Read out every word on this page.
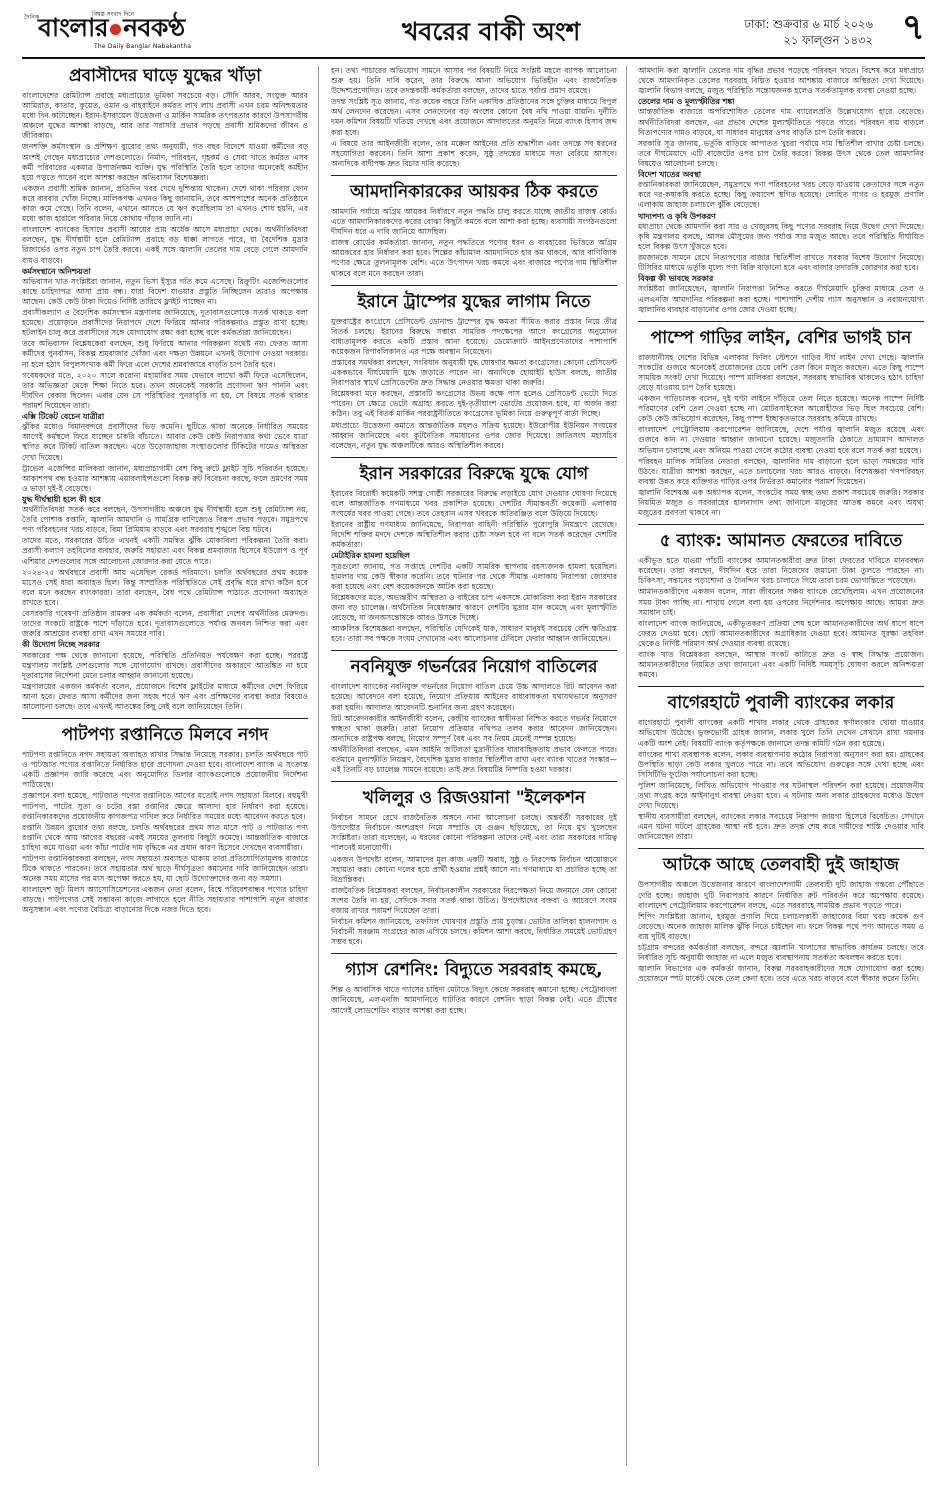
বিশ্বস্ত সংবাদ দিনে
দৈনিক
বাংলার নবকণ্ঠ
The Daily Banglar Nabakantha
খবরের বাকী অংশ	ঢাকা: শুক্রবার ৬ মার্চ ২০২৬
২১ ফাল্গুন ১৪৩২ ৭
প্রবাসীদের ঘাড়ে যুদ্ধের খাঁড়া

বাংলাদেশের রেমিট্যান্স প্রবাহে মধ্যপ্রাচ্যের ভূমিকা সবচেয়ে বড়। সৌদি আরব, সংযুক্ত আরব আমিরাত, কাতার, কুয়েত, ওমান ও বাহরাইনে কর্মরত লাখ লাখ প্রবাসী এখন চরম অনিশ্চয়তার মধ্যে দিন কাটাচ্ছেন। ইরান-ইসরায়েল উত্তেজনা ও মার্কিন সামরিক তৎপরতার কারণে উপসাগরীয় অঞ্চলে যুদ্ধের আশঙ্কা বাড়ছে, আর তার সরাসরি প্রভাব পড়ছে প্রবাসী শ্রমিকদের জীবন ও জীবিকায়।

জনশক্তি কর্মসংস্থান ও প্রশিক্ষণ ব্যুরোর তথ্য অনুযায়ী, গত বছর বিদেশে যাওয়া কর্মীদের বড় অংশই গেছেন মধ্যপ্রাচ্যের দেশগুলোতে। নির্মাণ, পরিবহন, গৃহকর্ম ও সেবা খাতে কর্মরত এসব কর্মী পরিবারের একমাত্র উপার্জনক্ষম ব্যক্তি। যুদ্ধ পরিস্থিতি তৈরি হলে তাদের অনেকেই কর্মহীন হয়ে পড়তে পারেন বলে আশঙ্কা করছেন অভিবাসন বিশেষজ্ঞরা।

একজন প্রবাসী শ্রমিক জানান, প্রতিদিন খবর দেখে দুশ্চিন্তায় থাকেন। দেশে থাকা পরিবার ফোন করে বারবার খোঁজ নিচ্ছে। মালিকপক্ষ এখনও কিছু জানায়নি, তবে আশপাশের অনেক প্রতিষ্ঠানে কাজ কমে গেছে। তিনি বলেন, এখানে আসতে যে ঋণ করেছিলাম তা এখনও শোধ হয়নি, এর মধ্যে কাজ হারালে পরিবার নিয়ে কোথায় দাঁড়াব জানি না।

বাংলাদেশ ব্যাংকের হিসাবে প্রবাসী আয়ের প্রায় অর্ধেক আসে মধ্যপ্রাচ্য থেকে। অর্থনীতিবিদরা বলছেন, যুদ্ধ দীর্ঘস্থায়ী হলে রেমিট্যান্স প্রবাহে বড় ধাক্কা লাগতে পারে, যা বৈদেশিক মুদ্রার রিজার্ভের ওপর নতুন চাপ তৈরি করবে। একই সঙ্গে জ্বালানি তেলের দাম বেড়ে গেলে আমদানি ব্যয়ও বাড়বে।

কর্মসংস্থানে অনিশ্চয়তা

অভিবাসন খাত সংশ্লিষ্টরা জানান, নতুন ভিসা ইস্যুর গতি কমে এসেছে। রিক্রুটিং এজেন্সিগুলোর কাছে চাহিদাপত্র আসা প্রায় বন্ধ। যারা বিদেশ যাওয়ার প্রস্তুতি নিচ্ছিলেন তারাও অপেক্ষায় আছেন। কেউ কেউ টাকা দিয়েও নির্দিষ্ট তারিখে ফ্লাইট পাচ্ছেন না।

প্রবাসীকল্যাণ ও বৈদেশিক কর্মসংস্থান মন্ত্রণালয় জানিয়েছে, দূতাবাসগুলোকে সতর্ক থাকতে বলা হয়েছে। প্রয়োজনে প্রবাসীদের নিরাপদে দেশে ফিরিয়ে আনার পরিকল্পনাও প্রস্তুত রাখা হচ্ছে। হটলাইন চালু করে প্রবাসীদের সঙ্গে যোগাযোগ রক্ষা করা হচ্ছে বলে কর্মকর্তারা জানিয়েছেন।

তবে অভিবাসন বিশ্লেষকেরা বলছেন, শুধু ফিরিয়ে আনার পরিকল্পনা যথেষ্ট নয়। ফেরত আসা কর্মীদের পুনর্বাসন, বিকল্প শ্রমবাজার খোঁজা এবং দক্ষতা উন্নয়নে এখনই উদ্যোগ নেওয়া দরকার। না হলে হঠাৎ বিপুলসংখ্যক কর্মী ফিরে এলে দেশের শ্রমবাজারে বাড়তি চাপ তৈরি হবে।

গবেষকদের মতে, ২০২০ সালে করোনা মহামারির সময় যেভাবে লাখো কর্মী ফিরে এসেছিলেন, তার অভিজ্ঞতা থেকে শিক্ষা নিতে হবে। তখন অনেকেই সরকারি প্রণোদনা ঋণ পাননি এবং দীর্ঘদিন বেকার ছিলেন। এবার যেন সে পরিস্থিতির পুনরাবৃত্তি না হয়, সে বিষয়ে সতর্ক থাকার পরামর্শ দিয়েছেন তারা।

এক্সি টিকেট বেচেন যাত্রীরা

ঝুঁকির মধ্যেও বিমানবন্দরে প্রবাসীদের ভিড় কমেনি। ছুটিতে থাকা অনেকে নির্ধারিত সময়ের আগেই কর্মস্থলে ফিরে যাচ্ছেন চাকরি বাঁচাতে। আবার কেউ কেউ নিরাপত্তার কথা ভেবে যাত্রা স্থগিত করে টিকিট বাতিল করছেন। এতে উড়োজাহাজ সংস্থাগুলোর টিকিটের দামেও অস্থিরতা দেখা দিয়েছে।

ট্রাভেল এজেন্সির মালিকরা জানান, মধ্যপ্রাচ্যগামী বেশ কিছু রুটে ফ্লাইট সূচি পরিবর্তন হয়েছে। আকাশপথ বন্ধ হওয়ার আশঙ্কায় এয়ারলাইন্সগুলো বিকল্প রুট বিবেচনা করছে, ফলে ভ্রমণের সময় ও ভাড়া দুই-ই বেড়েছে।

যুদ্ধ দীর্ঘস্থায়ী হলে কী হবে

অর্থনীতিবিদরা সতর্ক করে বলছেন, উপসাগরীয় অঞ্চলে যুদ্ধ দীর্ঘস্থায়ী হলে শুধু রেমিট্যান্স নয়, তৈরি পোশাক রপ্তানি, জ্বালানি আমদানি ও সামগ্রিক বাণিজ্যেও বিরূপ প্রভাব পড়বে। সমুদ্রপথে পণ্য পরিবহনের খরচ বাড়বে, বিমা প্রিমিয়াম বাড়বে এবং সরবরাহ শৃঙ্খলে বিঘ্ন ঘটবে।

তাদের মতে, সরকারের উচিত এখনই একটি সমন্বিত ঝুঁকি মোকাবিলা পরিকল্পনা তৈরি করা। প্রবাসী কল্যাণ তহবিলের ব্যবহার, জরুরি সহায়তা এবং বিকল্প শ্রমবাজার হিসেবে ইউরোপ ও পূর্ব এশিয়ার দেশগুলোর সঙ্গে আলোচনা জোরদার করা যেতে পারে।

২০২৪-২৫ অর্থবছরে প্রবাসী আয় এসেছিল রেকর্ড পরিমাণে। চলতি অর্থবছরের প্রথম কয়েক মাসেও সেই ধারা অব্যাহত ছিল। কিন্তু সাম্প্রতিক পরিস্থিতিতে সেই প্রবৃদ্ধি ধরে রাখা কঠিন হবে বলে মনে করছেন ব্যাংকাররা। তারা বলছেন, বৈধ পথে রেমিট্যান্স পাঠাতে প্রণোদনা অব্যাহত রাখতে হবে।

বেসরকারি গবেষণা প্রতিষ্ঠান রামরুর এক কর্মকর্তা বলেন, প্রবাসীরা দেশের অর্থনীতির মেরুদণ্ড। তাদের সংকটে রাষ্ট্রকে পাশে দাঁড়াতে হবে। দূতাবাসগুলোতে পর্যাপ্ত জনবল নিশ্চিত করা এবং জরুরি আশ্রয়ের ব্যবস্থা রাখা এখন সময়ের দাবি।

কী উদ্যোগ নিচ্ছে সরকার

সরকারের পক্ষ থেকে জানানো হয়েছে, পরিস্থিতি প্রতিনিয়ত পর্যবেক্ষণ করা হচ্ছে। পররাষ্ট্র মন্ত্রণালয় সংশ্লিষ্ট দেশগুলোর সঙ্গে যোগাযোগ রাখছে। প্রবাসীদের অকারণে আতঙ্কিত না হয়ে দূতাবাসের নির্দেশনা মেনে চলার আহ্বান জানানো হয়েছে।

মন্ত্রণালয়ের একজন কর্মকর্তা বলেন, প্রয়োজনে বিশেষ ফ্লাইটের মাধ্যমে কর্মীদের দেশে ফিরিয়ে আনা হবে। ফেরত আসা কর্মীদের জন্য সহজ শর্তে ঋণ এবং প্রশিক্ষণের ব্যবস্থা করার বিষয়েও আলোচনা চলছে। তবে এখনই আতঙ্কের কিছু নেই বলে জানিয়েছেন তিনি।

পাটপণ্য রপ্তানিতে মিলবে নগদ

পাটপণ্য রপ্তানিতে নগদ সহায়তা অব্যাহত রাখার সিদ্ধান্ত নিয়েছে সরকার। চলতি অর্থবছরে পাট ও পাটজাত পণ্যের রপ্তানিতে নির্ধারিত হারে প্রণোদনা দেওয়া হবে। বাংলাদেশ ব্যাংক এ সংক্রান্ত একটি প্রজ্ঞাপন জারি করেছে এবং অনুমোদিত ডিলার ব্যাংকগুলোকে প্রয়োজনীয় নির্দেশনা পাঠিয়েছে।

প্রজ্ঞাপনে বলা হয়েছে, পাটজাত পণ্যের রপ্তানিতে আগের মতোই নগদ সহায়তা মিলবে। বহুমুখী পাটপণ্য, পাটের সুতা ও চটের বস্তা রপ্তানির ক্ষেত্রে আলাদা হার নির্ধারণ করা হয়েছে। রপ্তানিকারকদের প্রয়োজনীয় কাগজপত্র দাখিল করে নির্ধারিত সময়ের মধ্যে আবেদন করতে হবে।

রপ্তানি উন্নয়ন ব্যুরোর তথ্য বলছে, চলতি অর্থবছরের প্রথম সাত মাসে পাট ও পাটজাত পণ্য রপ্তানি থেকে আয় আগের বছরের একই সময়ের তুলনায় কিছুটা কমেছে। আন্তর্জাতিক বাজারে চাহিদা কমে যাওয়া এবং কাঁচা পাটের দাম বৃদ্ধিকে এর প্রধান কারণ হিসেবে দেখছেন ব্যবসায়ীরা।

পাটপণ্য রপ্তানিকারকরা বলছেন, নগদ সহায়তা অব্যাহত থাকায় তারা প্রতিযোগিতামূলক বাজারে টিকে থাকতে পারবেন। তবে সহায়তার অর্থ ছাড়ে দীর্ঘসূত্রতা কমানোর দাবি জানিয়েছেন তারা। অনেক সময় মাসের পর মাস অপেক্ষা করতে হয়, যা ছোট উদ্যোক্তাদের জন্য বড় সমস্যা।

বাংলাদেশ জুট মিলস অ্যাসোসিয়েশনের একজন নেতা বলেন, বিশ্বে পরিবেশবান্ধব পণ্যের চাহিদা বাড়ছে। পাটপণ্যের সেই সম্ভাবনা কাজে লাগাতে হলে নীতি সহায়তার পাশাপাশি নতুন বাজার অনুসন্ধান এবং পণ্যের বৈচিত্র্য বাড়ানোর দিকে নজর দিতে হবে।

হন। তথ্য পাচারের অভিযোগ সামনে আসার পর বিষয়টি নিয়ে সংশ্লিষ্ট মহলে ব্যাপক আলোচনা শুরু হয়। তিনি দাবি করেন, তার বিরুদ্ধে আনা অভিযোগ ভিত্তিহীন এবং রাজনৈতিক উদ্দেশ্যপ্রণোদিত। তবে তদন্তকারী কর্মকর্তারা বলছেন, তাদের হাতে পর্যাপ্ত প্রমাণ রয়েছে।

তদন্ত সংশ্লিষ্ট সূত্র জানায়, গত কয়েক বছরে তিনি একাধিক প্রতিষ্ঠানের সঙ্গে চুক্তির মাধ্যমে বিপুল অর্থ লেনদেন করেছেন। এসব লেনদেনের বড় অংশের কোনো বৈধ নথি পাওয়া যায়নি। দুর্নীতি দমন কমিশন বিষয়টি খতিয়ে দেখছে এবং প্রয়োজনে আদালতের অনুমতি নিয়ে ব্যাংক হিসাব জব্দ করা হবে।

এ বিষয়ে তার আইনজীবী বলেন, তার মক্কেল আইনের প্রতি শ্রদ্ধাশীল এবং তদন্তে সব ধরনের সহযোগিতা করবেন। তিনি আশা প্রকাশ করেন, সুষ্ঠু তদন্তের মাধ্যমে সত্য বেরিয়ে আসবে। অন্যদিকে বাদীপক্ষ দ্রুত বিচার দাবি করেছে।

আমদানিকারকের আয়কর ঠিক করতে

আমদানি পর্যায়ে অগ্রিম আয়কর নির্ধারণে নতুন পদ্ধতি চালু করতে যাচ্ছে জাতীয় রাজস্ব বোর্ড। এতে আমদানিকারকদের করের বোঝা কিছুটা কমবে বলে আশা করা হচ্ছে। ব্যবসায়ী সংগঠনগুলো দীর্ঘদিন ধরে এ দাবি জানিয়ে আসছিল।

রাজস্ব বোর্ডের কর্মকর্তারা জানান, নতুন পদ্ধতিতে পণ্যের ধরন ও ব্যবহারের ভিত্তিতে অগ্রিম আয়করের হার নির্ধারণ করা হবে। শিল্পের কাঁচামাল আমদানিতে হার কম থাকবে, আর বাণিজ্যিক পণ্যের ক্ষেত্রে তুলনামূলক বেশি। এতে উৎপাদন খরচ কমবে এবং বাজারে পণ্যের দাম স্থিতিশীল থাকবে বলে মনে করছেন তারা।

ইরানে ট্রাম্পের যুদ্ধের লাগাম নিতে

যুক্তরাষ্ট্রের কংগ্রেসে প্রেসিডেন্ট ডোনাল্ড ট্রাম্পের যুদ্ধ ক্ষমতা সীমিত করার প্রস্তাব নিয়ে তীব্র বিতর্ক চলছে। ইরানের বিরুদ্ধে সম্ভাব্য সামরিক পদক্ষেপের আগে কংগ্রেসের অনুমোদন বাধ্যতামূলক করতে একটি প্রস্তাব আনা হয়েছে। ডেমোক্র্যাট আইনপ্রণেতাদের পাশাপাশি কয়েকজন রিপাবলিকানও এর পক্ষে অবস্থান নিয়েছেন।

প্রস্তাবের সমর্থকরা বলছেন, সংবিধান অনুযায়ী যুদ্ধ ঘোষণার ক্ষমতা কংগ্রেসের। কোনো প্রেসিডেন্ট এককভাবে দীর্ঘমেয়াদি যুদ্ধে জড়াতে পারেন না। অন্যদিকে হোয়াইট হাউস বলছে, জাতীয় নিরাপত্তার স্বার্থে প্রেসিডেন্টের দ্রুত সিদ্ধান্ত নেওয়ার ক্ষমতা থাকা জরুরি।

বিশ্লেষকরা মনে করছেন, প্রস্তাবটি কংগ্রেসের উভয় কক্ষে পাস হলেও প্রেসিডেন্ট ভেটো দিতে পারেন। সে ক্ষেত্রে ভেটো অগ্রাহ্য করতে দুই-তৃতীয়াংশ ভোটের প্রয়োজন হবে, যা অর্জন করা কঠিন। তবু এই বিতর্ক মার্কিন পররাষ্ট্রনীতিতে কংগ্রেসের ভূমিকা নিয়ে গুরুত্বপূর্ণ বার্তা দিচ্ছে।

মধ্যপ্রাচ্যে উত্তেজনা কমাতে আন্তর্জাতিক মহলও সক্রিয় হয়েছে। ইউরোপীয় ইউনিয়ন সংযমের আহ্বান জানিয়েছে এবং কূটনৈতিক সমাধানের ওপর জোর দিয়েছে। জাতিসংঘ মহাসচিব বলেছেন, নতুন যুদ্ধ অঞ্চলটিকে আরও অস্থিতিশীল করবে।

ইরান সরকারের বিরুদ্ধে যুদ্ধে যোগ

ইরানের বিরোধী কয়েকটি সশস্ত্র গোষ্ঠী সরকারের বিরুদ্ধে লড়াইয়ে যোগ দেওয়ার ঘোষণা দিয়েছে বলে আন্তর্জাতিক গণমাধ্যমে খবর প্রকাশিত হয়েছে। দেশটির সীমান্তবর্তী কয়েকটি এলাকায় সংঘর্ষের খবর পাওয়া গেছে। তবে তেহরান এসব খবরকে অতিরঞ্জিত বলে উড়িয়ে দিয়েছে।

ইরানের রাষ্ট্রীয় গণমাধ্যম জানিয়েছে, নিরাপত্তা বাহিনী পরিস্থিতি পুরোপুরি নিয়ন্ত্রণে রেখেছে। বিদেশি শক্তির মদদে দেশকে অস্থিতিশীল করার চেষ্টা সফল হবে না বলে সতর্ক করেছেন দেশটির কর্মকর্তারা।

মেটাইরিক হামলা হয়েছিল

সূত্রগুলো জানায়, গত সপ্তাহে দেশটির একটি সামরিক স্থাপনায় রহস্যজনক হামলা হয়েছিল। হামলার দায় কেউ স্বীকার করেনি। তবে ঘটনার পর থেকে সীমান্ত এলাকায় নিরাপত্তা জোরদার করা হয়েছে এবং বেশ কয়েকজনকে আটক করা হয়েছে।

বিশ্লেষকদের মতে, অভ্যন্তরীণ অস্থিরতা ও বাইরের চাপ একসঙ্গে মোকাবিলা করা ইরান সরকারের জন্য বড় চ্যালেঞ্জ। অর্থনৈতিক নিষেধাজ্ঞার কারণে দেশটির মুদ্রার মান কমেছে এবং মূল্যস্ফীতি বেড়েছে, যা জনঅসন্তোষকে আরও উসকে দিচ্ছে।

আঞ্চলিক বিশেষজ্ঞরা বলছেন, পরিস্থিতি যেদিকেই যাক, সাধারণ মানুষই সবচেয়ে বেশি ক্ষতিগ্রস্ত হবে। তারা সব পক্ষকে সংযম দেখানোর এবং আলোচনার টেবিলে ফেরার আহ্বান জানিয়েছেন।

নবনিযুক্ত গভর্নরের নিয়োগ বাতিলের

বাংলাদেশ ব্যাংকের নবনিযুক্ত গভর্নরের নিয়োগ বাতিল চেয়ে উচ্চ আদালতে রিট আবেদন করা হয়েছে। আবেদনে বলা হয়েছে, নিয়োগ প্রক্রিয়ায় আইনের বাধ্যবাধকতা যথাযথভাবে অনুসরণ করা হয়নি। আদালত আবেদনটি শুনানির জন্য গ্রহণ করেছেন।

রিট আবেদনকারীর আইনজীবী বলেন, কেন্দ্রীয় ব্যাংকের স্বাধীনতা নিশ্চিত করতে গভর্নর নিয়োগে স্বচ্ছতা থাকা জরুরি। তারা নিয়োগ প্রক্রিয়ার নথিপত্র তলব করার আবেদন জানিয়েছেন। অন্যদিকে রাষ্ট্রপক্ষ বলছে, নিয়োগ সম্পূর্ণ বৈধ এবং সব নিয়ম মেনেই সম্পন্ন হয়েছে।

অর্থনীতিবিদরা বলছেন, এমন আইনি জটিলতা মুদ্রানীতির ধারাবাহিকতায় প্রভাব ফেলতে পারে। বর্তমানে মূল্যস্ফীতি নিয়ন্ত্রণ, বৈদেশিক মুদ্রার বাজার স্থিতিশীল রাখা এবং ব্যাংক খাতের সংস্কার—এই তিনটি বড় চ্যালেঞ্জ সামনে রয়েছে। তাই দ্রুত বিষয়টির নিষ্পত্তি হওয়া দরকার।

খলিলুর ও রিজওয়ানা "ইলেকশন

নির্বাচন সামনে রেখে রাজনৈতিক অঙ্গনে নানা আলোচনা চলছে। অন্তর্বর্তী সরকারের দুই উপদেষ্টার নির্বাচনে অংশগ্রহণ নিয়ে সম্প্রতি যে গুঞ্জন ছড়িয়েছে, তা নিয়ে মুখ খুলেছেন সংশ্লিষ্টরা। তারা বলেছেন, এ ধরনের কোনো পরিকল্পনা তাদের নেই এবং তারা সরকারের দায়িত্ব পালনেই মনোযোগী।

একজন উপদেষ্টা বলেন, আমাদের মূল কাজ একটি অবাধ, সুষ্ঠু ও নিরপেক্ষ নির্বাচন আয়োজনে সহায়তা করা। কোনো দলের হয়ে প্রার্থী হওয়ার প্রশ্নই আসে না। গণমাধ্যমে যা প্রচারিত হচ্ছে তা বিভ্রান্তিকর।

রাজনৈতিক বিশ্লেষকরা বলছেন, নির্বাচনকালীন সরকারের নিরপেক্ষতা নিয়ে জনমনে যেন কোনো সংশয় তৈরি না হয়, সেদিকে সবার সতর্ক থাকা উচিত। উপদেষ্টাদের বক্তব্য ও আচরণে সংযম বজায় রাখার পরামর্শ দিয়েছেন তারা।

নির্বাচন কমিশন জানিয়েছে, তফসিল ঘোষণার প্রস্তুতি প্রায় চূড়ান্ত। ভোটার তালিকা হালনাগাদ ও নির্বাচনী সরঞ্জাম সংগ্রহের কাজ এগিয়ে চলছে। কমিশন আশা করছে, নির্ধারিত সময়েই ভোটগ্রহণ সম্ভব হবে।

গ্যাস রেশনিং: বিদ্যুতে সরবরাহ কমছে,

শিল্প ও আবাসিক খাতে গ্যাসের চাহিদা মেটাতে বিদ্যুৎ কেন্দ্রে সরবরাহ কমানো হচ্ছে। পেট্রোবাংলা জানিয়েছে, এলএনজি আমদানিতে ঘাটতির কারণে রেশনিং ছাড়া বিকল্প নেই। এতে গ্রীষ্মের আগেই লোডশেডিং বাড়ার আশঙ্কা করা হচ্ছে।

আমদানি করা জ্বালানি তেলের দাম বৃদ্ধির প্রভাব পড়েছে পরিবহন খাতে। বিশেষ করে মধ্যপ্রাচ্য থেকে আমদানিকৃত তেলের সরবরাহ বিঘ্নিত হওয়ার আশঙ্কায় বাজারে অস্থিরতা দেখা দিয়েছে। জ্বালানি বিভাগ বলছে, মজুত পরিস্থিতি সন্তোষজনক হলেও সতর্কতামূলক ব্যবস্থা নেওয়া হচ্ছে।

তেলের দাম ও মূল্যস্ফীতির শঙ্কা

আন্তর্জাতিক বাজারে অপরিশোধিত তেলের দাম ব্যারেলপ্রতি উল্লেখযোগ্য হারে বেড়েছে। অর্থনীতিবিদরা বলছেন, এর প্রভাব দেশের মূল্যস্ফীতিতে পড়তে পারে। পরিবহন ব্যয় বাড়লে নিত্যপণ্যের দামও বাড়বে, যা সাধারণ মানুষের ওপর বাড়তি চাপ তৈরি করবে।

সরকারি সূত্র জানায়, ভর্তুকি বাড়িয়ে আপাতত খুচরা পর্যায়ে দাম স্থিতিশীল রাখার চেষ্টা চলছে। তবে দীর্ঘমেয়াদে এটি বাজেটের ওপর চাপ তৈরি করবে। বিকল্প উৎস থেকে তেল আমদানির বিষয়েও আলোচনা চলছে।

বিদেশ খাতের অবস্থা

রপ্তানিকারকরা জানিয়েছেন, সমুদ্রপথে পণ্য পরিবহনের খরচ বেড়ে যাওয়ায় ক্রেতাদের সঙ্গে নতুন করে দর-কষাকষি করতে হচ্ছে। কিছু ক্রয়াদেশ স্থগিত হয়েছে। লোহিত সাগর ও হরমুজ প্রণালি এলাকায় জাহাজ চলাচলে ঝুঁকি বেড়েছে।

খাদ্যপণ্য ও কৃষি উপকরণ

মধ্যপ্রাচ্য থেকে আমদানি করা সার ও খেজুরসহ কিছু পণ্যের সরবরাহ নিয়ে উদ্বেগ দেখা দিয়েছে। কৃষি মন্ত্রণালয় বলছে, আসন্ন মৌসুমের জন্য পর্যাপ্ত সার মজুত আছে। তবে পরিস্থিতি দীর্ঘায়িত হলে বিকল্প উৎস খুঁজতে হবে।

রমজানকে সামনে রেখে নিত্যপণ্যের বাজার স্থিতিশীল রাখতে সরকার বিশেষ উদ্যোগ নিয়েছে। টিসিবির মাধ্যমে ভর্তুকি মূল্যে পণ্য বিক্রি বাড়ানো হবে এবং বাজার তদারকি জোরদার করা হবে।

বিকল্প কী ভাবছে সরকার

সংশ্লিষ্টরা জানিয়েছেন, জ্বালানি নিরাপত্তা নিশ্চিত করতে দীর্ঘমেয়াদি চুক্তির মাধ্যমে তেল ও এলএনজি আমদানির পরিকল্পনা করা হচ্ছে। পাশাপাশি দেশীয় গ্যাস অনুসন্ধান ও নবায়নযোগ্য জ্বালানির ব্যবহার বাড়ানোর ওপর জোর দেওয়া হচ্ছে।

পাম্পে গাড়ির লাইন, বেশির ভাগই চান

রাজধানীসহ দেশের বিভিন্ন এলাকার ফিলিং স্টেশনে গাড়ির দীর্ঘ লাইন দেখা গেছে। জ্বালানি সংকটের গুজবে অনেকেই প্রয়োজনের চেয়ে বেশি তেল কিনে মজুত করছেন। এতে কিছু পাম্পে সাময়িক সংকট দেখা দিয়েছে। পাম্প মালিকরা বলছেন, সরবরাহ স্বাভাবিক থাকলেও হঠাৎ চাহিদা বেড়ে যাওয়ায় চাপ তৈরি হয়েছে।

একজন গাড়িচালক বলেন, দুই ঘণ্টা লাইনে দাঁড়িয়ে তেল নিতে হয়েছে। অনেক পাম্পে নির্দিষ্ট পরিমাণের বেশি তেল দেওয়া হচ্ছে না। মোটরসাইকেল আরোহীদের ভিড় ছিল সবচেয়ে বেশি। কেউ কেউ অভিযোগ করেছেন, কিছু পাম্প ইচ্ছাকৃতভাবে সরবরাহ কমিয়ে রাখছে।

বাংলাদেশ পেট্রোলিয়াম করপোরেশন জানিয়েছে, দেশে পর্যাপ্ত জ্বালানি মজুত রয়েছে এবং গুজবে কান না দেওয়ার আহ্বান জানানো হয়েছে। মজুতদারি ঠেকাতে ভ্রাম্যমাণ আদালত অভিযান চালাচ্ছে এবং অনিয়ম পাওয়া গেলে কঠোর ব্যবস্থা নেওয়া হবে বলে সতর্ক করা হয়েছে।

পরিবহন মালিক সমিতির নেতারা বলছেন, জ্বালানির দাম বাড়ানো হলে ভাড়া সমন্বয়ের দাবি উঠবে। যাত্রীরা আশঙ্কা করছেন, এতে চলাচলের খরচ আরও বাড়বে। বিশেষজ্ঞরা গণপরিবহন ব্যবস্থা উন্নত করে ব্যক্তিগত গাড়ির ওপর নির্ভরতা কমানোর পরামর্শ দিয়েছেন।

জ্বালানি বিশেষজ্ঞ এক অধ্যাপক বলেন, সংকটের সময় স্বচ্ছ তথ্য প্রকাশ সবচেয়ে জরুরি। সরকার নিয়মিত মজুত ও সরবরাহের হালনাগাদ তথ্য জানালে মানুষের আতঙ্ক কমবে এবং অযথা মজুতের প্রবণতা থাকবে না।

৫ ব্যাংক: আমানত ফেরতের দাবিতে

একীভূত হতে যাওয়া পাঁচটি ব্যাংকের আমানতকারীরা দ্রুত টাকা ফেরতের দাবিতে মানববন্ধন করেছেন। তারা বলছেন, দীর্ঘদিন ধরে তারা নিজেদের জমানো টাকা তুলতে পারছেন না। চিকিৎসা, সন্তানের পড়াশোনা ও দৈনন্দিন খরচ চালাতে গিয়ে তারা চরম ভোগান্তিতে পড়েছেন।

আমানতকারীদের একজন বলেন, সারা জীবনের সঞ্চয় ব্যাংকে রেখেছিলাম। এখন প্রয়োজনের সময় টাকা পাচ্ছি না। শাখায় গেলে বলা হয় ওপরের নির্দেশনার অপেক্ষায় আছে। আমরা দ্রুত সমাধান চাই।

বাংলাদেশ ব্যাংক জানিয়েছে, একীভূতকরণ প্রক্রিয়া শেষ হলে আমানতকারীদের অর্থ ধাপে ধাপে ফেরত দেওয়া হবে। ছোট আমানতকারীদের অগ্রাধিকার দেওয়া হবে। আমানত সুরক্ষা তহবিল থেকেও নির্দিষ্ট পরিমাণ অর্থ দেওয়ার ব্যবস্থা রয়েছে।

ব্যাংক খাত বিশ্লেষকরা বলছেন, আস্থার সংকট কাটাতে দ্রুত ও স্বচ্ছ সিদ্ধান্ত প্রয়োজন। আমানতকারীদের নিয়মিত তথ্য জানানো এবং একটি নির্দিষ্ট সময়সূচি ঘোষণা করলে অনিশ্চয়তা কমবে।

বাগেরহাটে পুবালী ব্যাংকের লকার

বাগেরহাটে পুবালী ব্যাংকের একটি শাখার লকার থেকে গ্রাহকের স্বর্ণালংকার খোয়া যাওয়ার অভিযোগ উঠেছে। ভুক্তভোগী গ্রাহক জানান, লকার খুলে তিনি দেখেন সেখানে রাখা গয়নার একটি অংশ নেই। বিষয়টি ব্যাংক কর্তৃপক্ষকে জানালে তদন্ত কমিটি গঠন করা হয়েছে।

ব্যাংকের শাখা ব্যবস্থাপক বলেন, লকার ব্যবস্থাপনায় কঠোর নিরাপত্তা অনুসরণ করা হয়। গ্রাহকের উপস্থিতি ছাড়া কেউ লকার খুলতে পারে না। তবে অভিযোগ গুরুত্বের সঙ্গে দেখা হচ্ছে এবং সিসিটিভি ফুটেজ পর্যালোচনা করা হচ্ছে।

পুলিশ জানিয়েছে, লিখিত অভিযোগ পাওয়ার পর ঘটনাস্থল পরিদর্শন করা হয়েছে। প্রয়োজনীয় তথ্য সংগ্রহ করে আইনানুগ ব্যবস্থা নেওয়া হবে। এ ঘটনায় অন্য লকার গ্রাহকদের মধ্যেও উদ্বেগ দেখা দিয়েছে।

স্থানীয় ব্যবসায়ীরা বলছেন, ব্যাংকের লকার সবচেয়ে নিরাপদ জায়গা হিসেবে বিবেচিত। সেখানে এমন ঘটনা ঘটলে গ্রাহকের আস্থা নষ্ট হবে। দ্রুত তদন্ত শেষ করে দায়ীদের শাস্তি দেওয়ার দাবি জানিয়েছেন তারা।

আটকে আছে তেলবাহী দুই জাহাজ

উপসাগরীয় অঞ্চলে উত্তেজনার কারণে বাংলাদেশগামী তেলবাহী দুটি জাহাজ গন্তব্যে পৌঁছাতে দেরি হচ্ছে। জাহাজ দুটি নিরাপত্তার কারণে নির্ধারিত রুট পরিবর্তন করে অপেক্ষায় রয়েছে। বাংলাদেশ পেট্রোলিয়াম করপোরেশন বলছে, এতে সরবরাহে সাময়িক প্রভাব পড়তে পারে।

শিপিং সংশ্লিষ্টরা জানান, হরমুজ প্রণালি দিয়ে চলাচলকারী জাহাজের বিমা খরচ কয়েক গুণ বেড়েছে। অনেক জাহাজ মালিক ঝুঁকি নিতে চাইছেন না। ফলে বিকল্প পথে পণ্য আনতে সময় ও ব্যয় দুটিই বাড়ছে।

চট্টগ্রাম বন্দরের কর্মকর্তারা বলছেন, বন্দরে জ্বালানি খালাসের স্বাভাবিক কার্যক্রম চলছে। তবে নির্ধারিত সূচি অনুযায়ী জাহাজ না এলে মজুত ব্যবস্থাপনায় সতর্কতা অবলম্বন করতে হবে।

জ্বালানি বিভাগের এক কর্মকর্তা জানান, বিকল্প সরবরাহকারীদের সঙ্গে যোগাযোগ করা হচ্ছে। প্রয়োজনে স্পট মার্কেট থেকে তেল কেনা হবে। তবে এতে খরচ বাড়বে বলে স্বীকার করেন তিনি।
